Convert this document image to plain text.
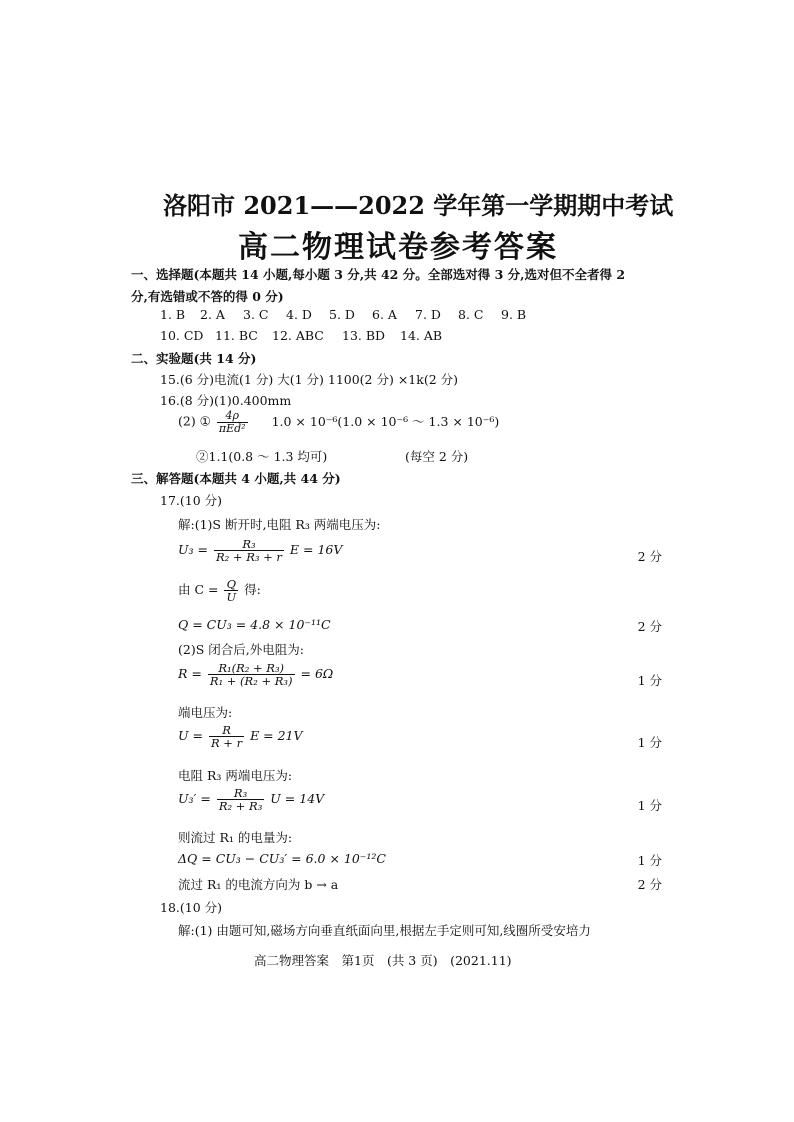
洛阳市 2021——2022 学年第一学期期中考试
高二物理试卷参考答案
一、选择题(本题共 14 小题,每小题 3 分,共 42 分。全部选对得 3 分,选对但不全者得 2
分,有选错或不答的得 0 分)
1. B 2. A 3. C 4. D 5. D 6. A 7. D 8. C 9. B
10. CD 11. BC 12. ABC 13. BD 14. AB
二、实验题(共 14 分)
15.(6 分)电流(1 分) 大(1 分) 1100(2 分) ×1k(2 分)
16.(8 分)(1)0.400mm
(2) ① $\frac{4\rho}{\text{πEd²}} 1.0 \times 10^{-6}(1.0 \times 10^{-6}$ ～ 1.3 × 10⁻⁶)
②1.1(0.8 ～ 1.3 均可)	(每空 2 分)
三、解答题(本题共 4 小题,共 44 分)
17.(10 分)
解:(1)S 断开时,电阻 R₃ 两端电压为:
$U_3 = \frac{\text{R₃}}{\text{R₂ + R₃ + r}}$ E = 16V	2 分
由 $C = \frac{Q}{U}$ 得:
Q = CU₃ = 4.8 × 10⁻¹¹C	2 分
(2)S 闭合后,外电阻为:
$R = \frac{\text{R₁(R₂ + R₃)}}{\text{R₁ + (R₂ + R₃)}} = 6\Omega$	1 分
端电压为:
$U = \frac{R}{R + r}$ E = 21V	1 分
电阻 R₃ 两端电压为:
$U_3' = \frac{\text{R₃}}{\text{R₂ + R₃}}$ U = 14V	1 分
则流过 R₁ 的电量为:
ΔQ = CU₃ − CU₃′ = 6.0 × 10⁻¹²C	1 分
流过 R₁ 的电流方向为 b → a	2 分
18.(10 分)
解:(1) 由题可知,磁场方向垂直纸面向里,根据左手定则可知,线圈所受安培力
高二物理答案　第1页　(共 3 页)　(2021.11)
